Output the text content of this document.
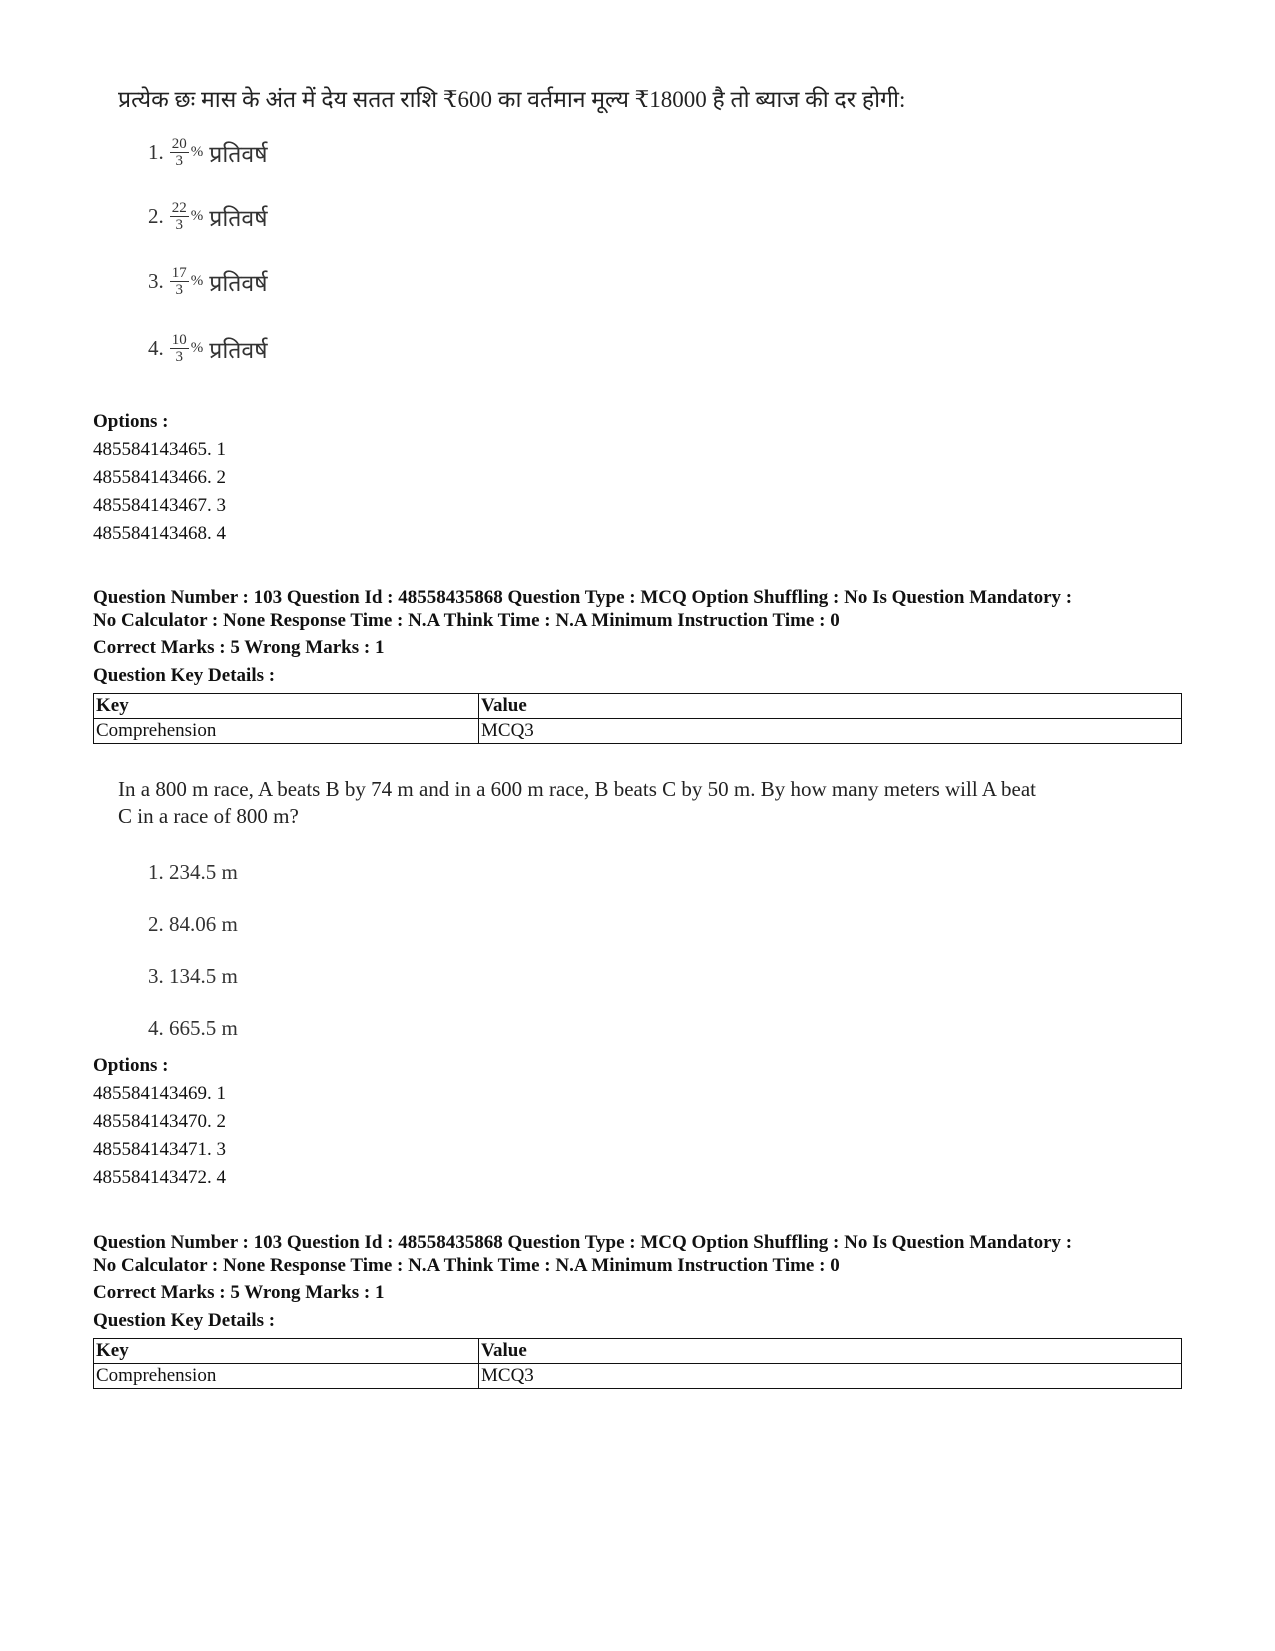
प्रत्येक छः मास के अंत में देय सतत राशि ₹600 का वर्तमान मूल्य ₹18000 है तो ब्याज की दर होगी:
1. $\frac{20}{3}$ % प्रतिवर्ष
2. $\frac{22}{3}$ % प्रतिवर्ष
3. $\frac{17}{3}$ % प्रतिवर्ष
4. $\frac{10}{3}$ % प्रतिवर्ष
Options :
485584143465. 1
485584143466. 2
485584143467. 3
485584143468. 4
Question Number : 103 Question Id : 48558435868 Question Type : MCQ Option Shuffling : No Is Question Mandatory :
No Calculator : None Response Time : N.A Think Time : N.A Minimum Instruction Time : 0
Correct Marks : 5 Wrong Marks : 1
Question Key Details :
Key	Value
Comprehension	MCQ3
In a 800 m race, A beats B by 74 m and in a 600 m race, B beats C by 50 m. By how many meters will A beat
C in a race of 800 m?
1. 234.5 m
2. 84.06 m
3. 134.5 m
4. 665.5 m
Options :
485584143469. 1
485584143470. 2
485584143471. 3
485584143472. 4
Question Number : 103 Question Id : 48558435868 Question Type : MCQ Option Shuffling : No Is Question Mandatory :
No Calculator : None Response Time : N.A Think Time : N.A Minimum Instruction Time : 0
Correct Marks : 5 Wrong Marks : 1
Question Key Details :
Key	Value
Comprehension	MCQ3
